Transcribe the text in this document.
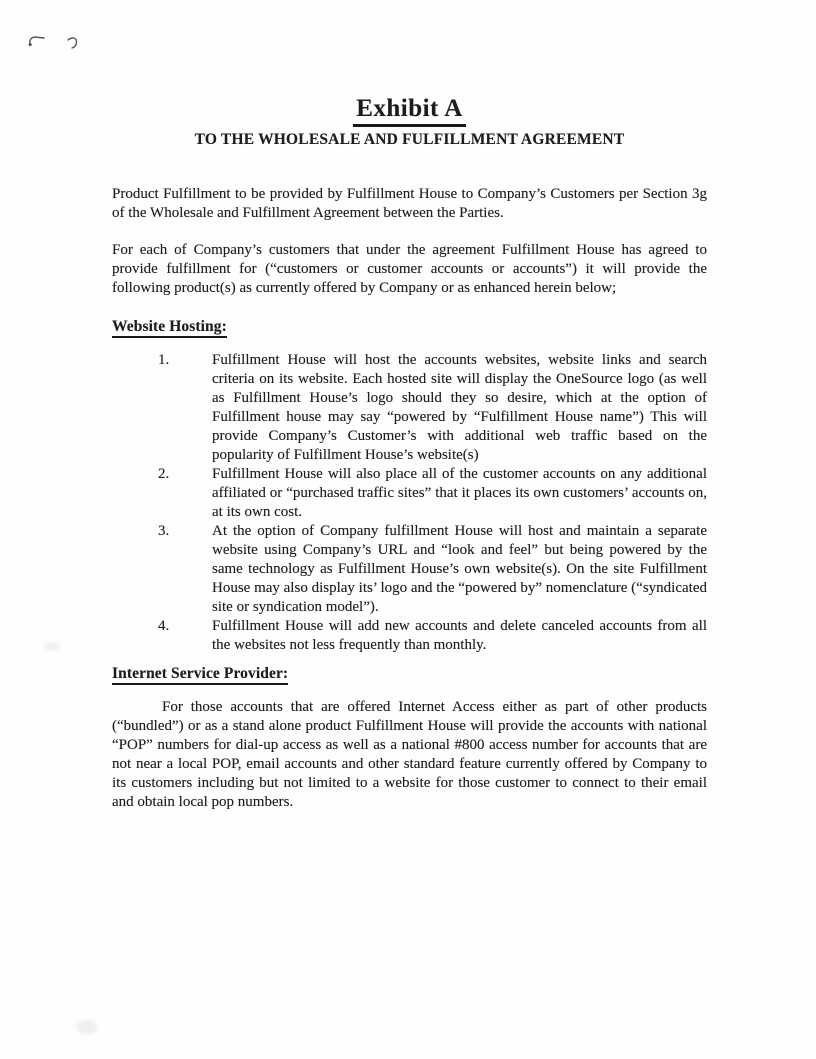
Exhibit A
TO THE WHOLESALE AND FULFILLMENT AGREEMENT

Product Fulfillment to be provided by Fulfillment House to Company’s Customers per Section 3g of the Wholesale and Fulfillment Agreement between the Parties.

For each of Company’s customers that under the agreement Fulfillment House has agreed to provide fulfillment for (“customers or customer accounts or accounts”) it will provide the following product(s) as currently offered by Company or as enhanced herein below;

Website Hosting:
1.	Fulfillment House will host the accounts websites, website links and search criteria on its website. Each hosted site will display the OneSource logo (as well as Fulfillment House’s logo should they so desire, which at the option of Fulfillment house may say “powered by “Fulfillment House name”) This will provide Company’s Customer’s with additional web traffic based on the popularity of Fulfillment House’s website(s)
2.	Fulfillment House will also place all of the customer accounts on any additional affiliated or “purchased traffic sites” that it places its own customers’ accounts on, at its own cost.
3.	At the option of Company fulfillment House will host and maintain a separate website using Company’s URL and “look and feel” but being powered by the same technology as Fulfillment House’s own website(s). On the site Fulfillment House may also display its’ logo and the “powered by” nomenclature (“syndicated site or syndication model”).
4.	Fulfillment House will add new accounts and delete canceled accounts from all the websites not less frequently than monthly.
Internet Service Provider:

For those accounts that are offered Internet Access either as part of other products (“bundled”) or as a stand alone product Fulfillment House will provide the accounts with national “POP” numbers for dial-up access as well as a national #800 access number for accounts that are not near a local POP, email accounts and other standard feature currently offered by Company to its customers including but not limited to a website for those customer to connect to their email and obtain local pop numbers.
